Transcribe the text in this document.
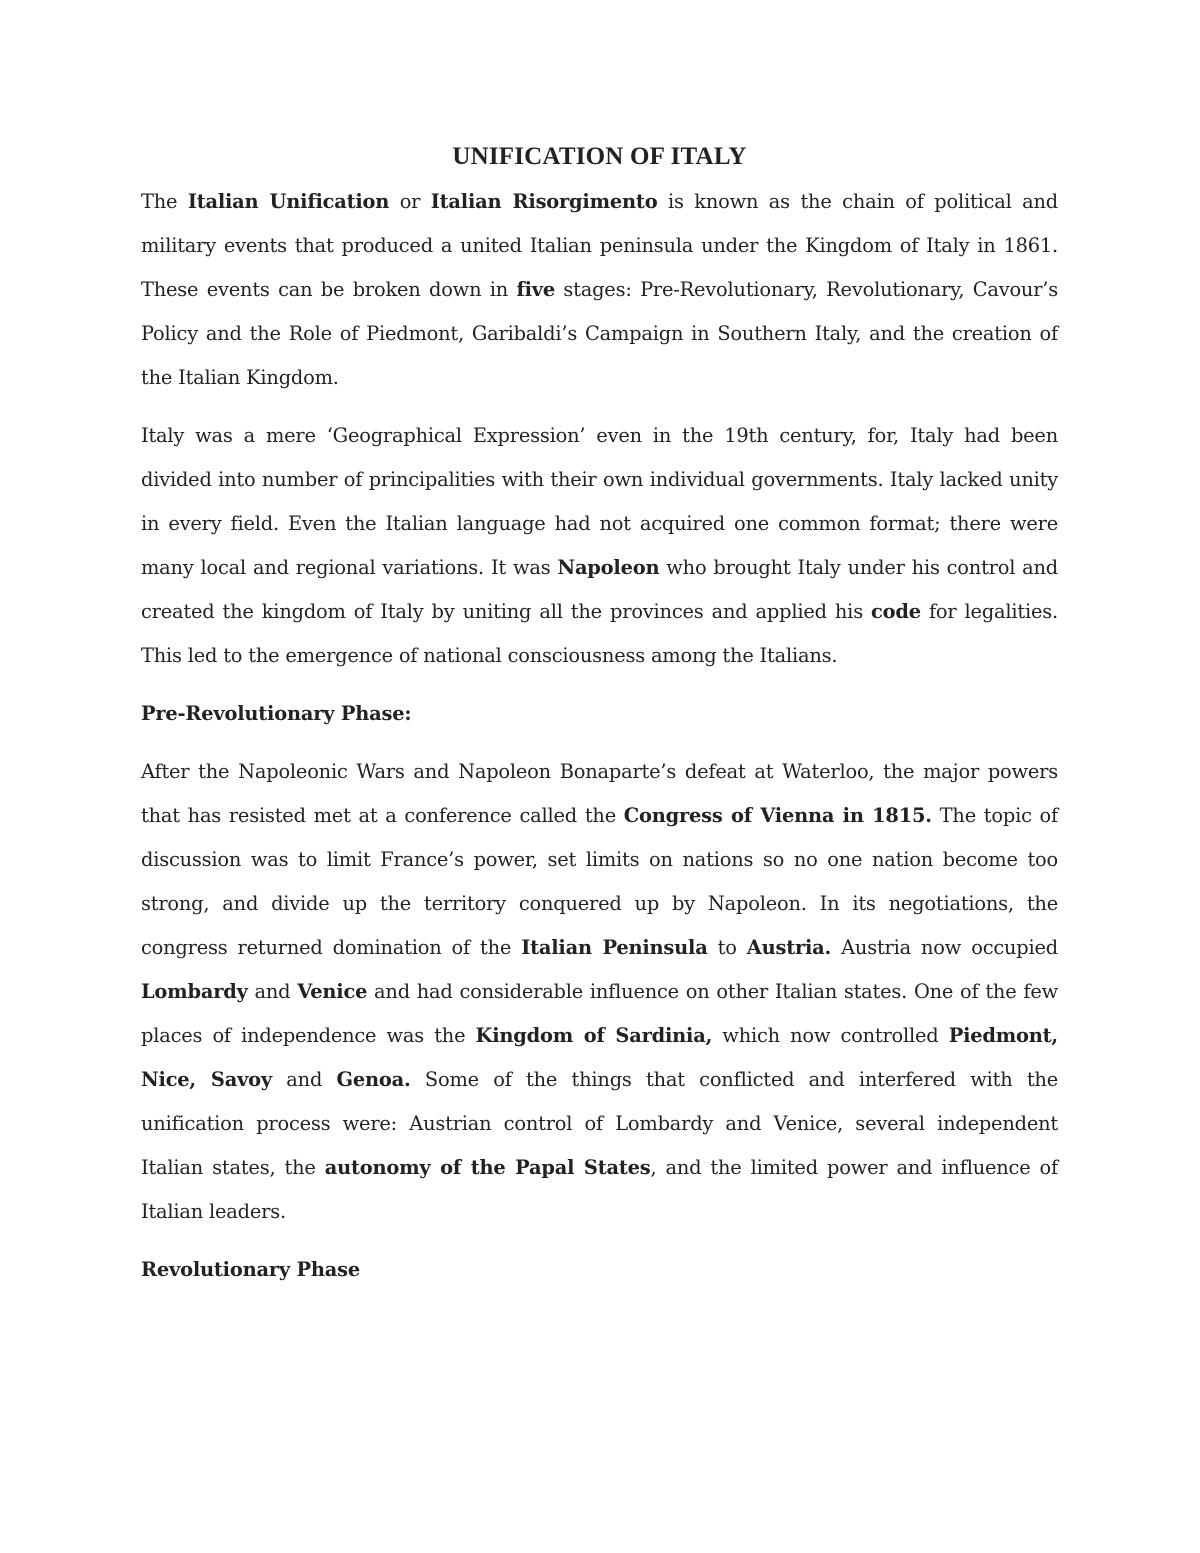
UNIFICATION OF ITALY

The Italian Unification or Italian Risorgimento is known as the chain of political and military events that produced a united Italian peninsula under the Kingdom of Italy in 1861. These events can be broken down in five stages: Pre-Revolutionary, Revolutionary, Cavour’s Policy and the Role of Piedmont, Garibaldi’s Campaign in Southern Italy, and the creation of the Italian Kingdom.

Italy was a mere ‘Geographical Expression’ even in the 19th century, for, Italy had been divided into number of principalities with their own individual governments. Italy lacked unity in every field. Even the Italian language had not acquired one common format; there were many local and regional variations. It was Napoleon who brought Italy under his control and created the kingdom of Italy by uniting all the provinces and applied his code for legalities. This led to the emergence of national consciousness among the Italians.

Pre-Revolutionary Phase:

After the Napoleonic Wars and Napoleon Bonaparte’s defeat at Waterloo, the major powers that has resisted met at a conference called the Congress of Vienna in 1815. The topic of discussion was to limit France’s power, set limits on nations so no one nation become too strong, and divide up the territory conquered up by Napoleon. In its negotiations, the congress returned domination of the Italian Peninsula to Austria. Austria now occupied Lombardy and Venice and had considerable influence on other Italian states. One of the few places of independence was the Kingdom of Sardinia, which now controlled Piedmont, Nice, Savoy and Genoa. Some of the things that conflicted and interfered with the unification process were: Austrian control of Lombardy and Venice, several independent Italian states, the autonomy of the Papal States, and the limited power and influence of Italian leaders.

Revolutionary Phase
